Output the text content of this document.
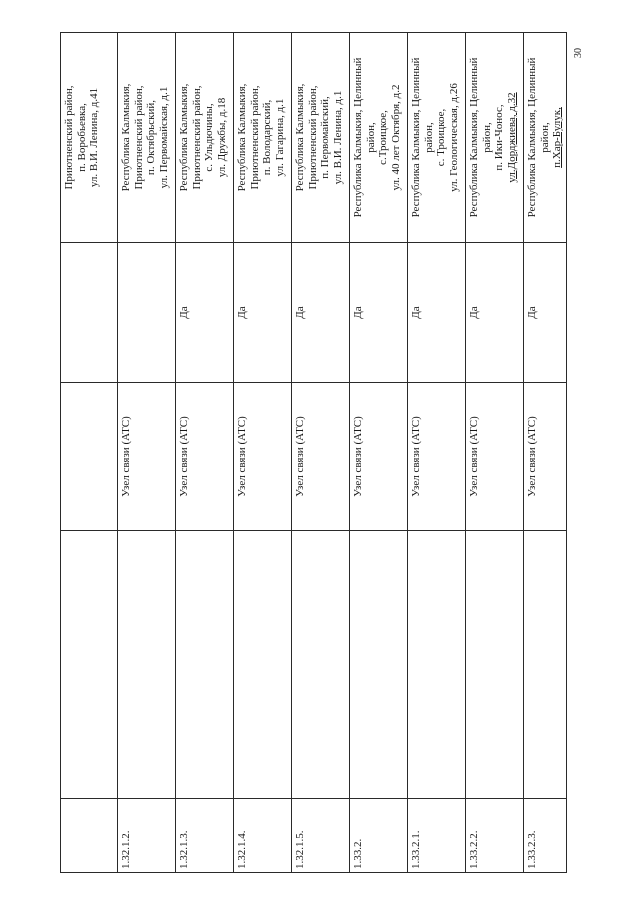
30

				Приютненский район, п. Воробьевка, ул. В.И. Ленина, д.41

1.32.1.2.		Узел связи (АТС)		Республика Калмыкия, Приютненский район, п. Октябрьский, ул. Первомайская, д.1

1.32.1.3.		Узел связи (АТС)	Да	Республика Калмыкия, Приютненский район, с. Ульдючины, ул. Дружбы, д.18

1.32.1.4.		Узел связи (АТС)	Да	Республика Калмыкия, Приютненский район, п. Володарский, ул. Гагарина, д.1

1.32.1.5.		Узел связи (АТС)	Да	Республика Калмыкия, Приютненский район, п. Первомайский, ул. В.И. Ленина, д.1

1.33.2.		Узел связи (АТС)	Да	Республика Калмыкия, Целинный район, с.Троицкое, ул. 40 лет Октября, д.2

1.33.2.1.		Узел связи (АТС)	Да	Республика Калмыкия, Целинный район, с. Троицкое, ул. Геологическая, д.26

1.33.2.2.		Узел связи (АТС)	Да	Республика Калмыкия, Целинный район, п. Ики-Чонос, ул.Дорджиева, д.32

1.33.2.3.		Узел связи (АТС)	Да	Республика Калмыкия, Целинный район, п.Хар-Булук,
